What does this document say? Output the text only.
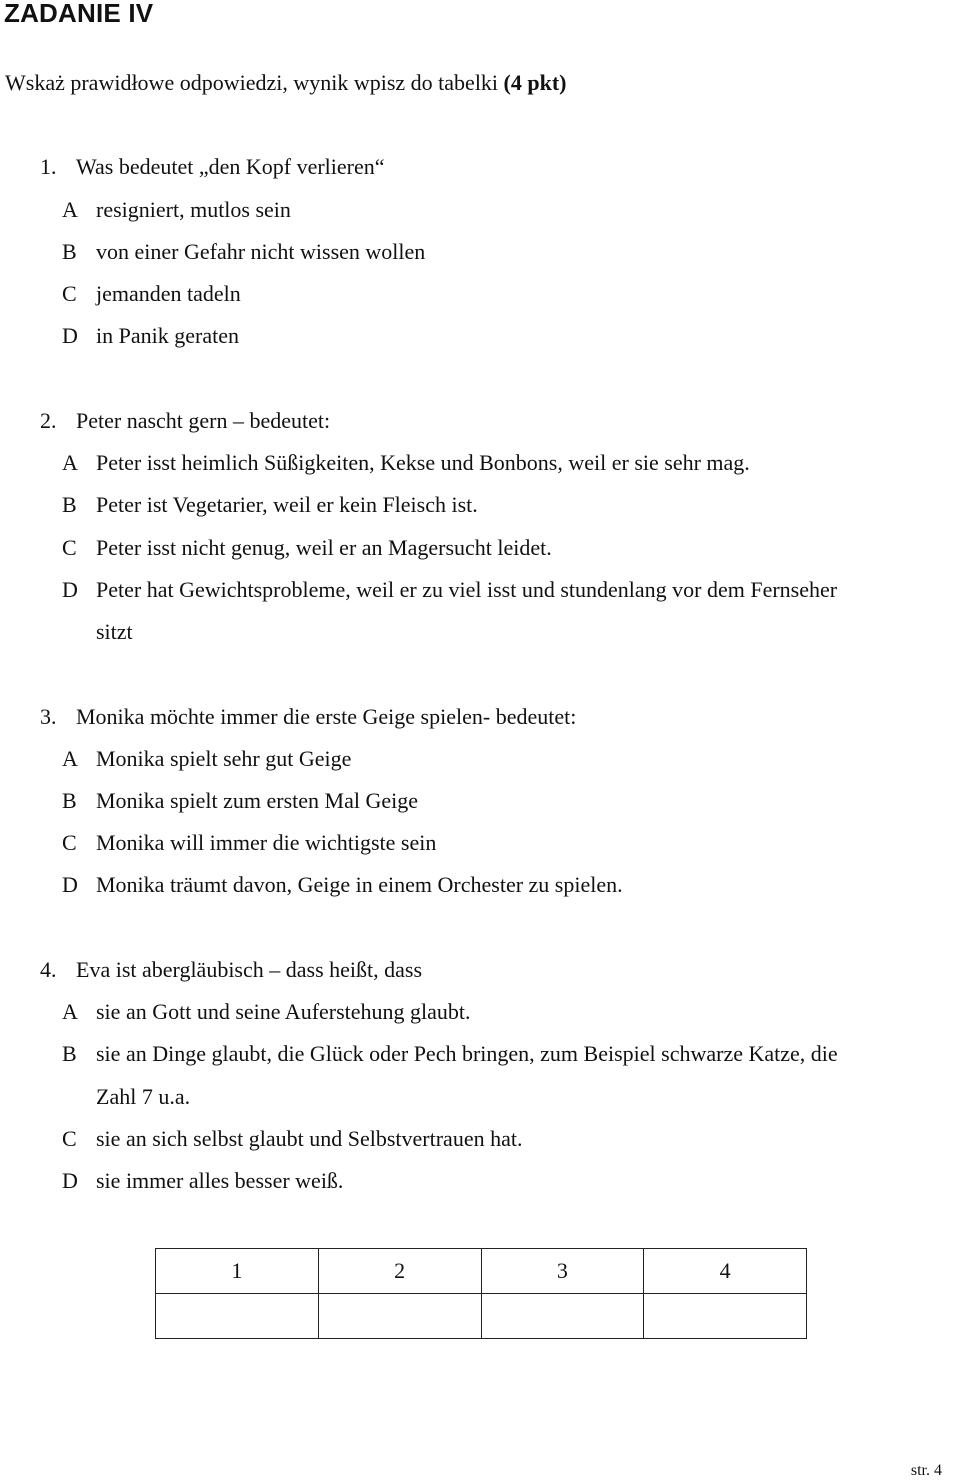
ZADANIE IV
Wskaż prawidłowe odpowiedzi, wynik wpisz do tabelki (4 pkt)
1. Was bedeutet „den Kopf verlieren“
A resigniert, mutlos sein
B von einer Gefahr nicht wissen wollen
C jemanden tadeln
D in Panik geraten
2. Peter nascht gern – bedeutet:
A Peter isst heimlich Süßigkeiten, Kekse und Bonbons, weil er sie sehr mag.
B Peter ist Vegetarier, weil er kein Fleisch ist.
C Peter isst nicht genug, weil er an Magersucht leidet.
D Peter hat Gewichtsprobleme, weil er zu viel isst und stundenlang vor dem Fernseher
sitzt
3. Monika möchte immer die erste Geige spielen- bedeutet:
A Monika spielt sehr gut Geige
B Monika spielt zum ersten Mal Geige
C Monika will immer die wichtigste sein
D Monika träumt davon, Geige in einem Orchester zu spielen.
4. Eva ist abergläubisch – dass heißt, dass
A sie an Gott und seine Auferstehung glaubt.
B sie an Dinge glaubt, die Glück oder Pech bringen, zum Beispiel schwarze Katze, die
Zahl 7 u.a.
C sie an sich selbst glaubt und Selbstvertrauen hat.
D sie immer alles besser weiß.
1	2	3	4

str. 4
